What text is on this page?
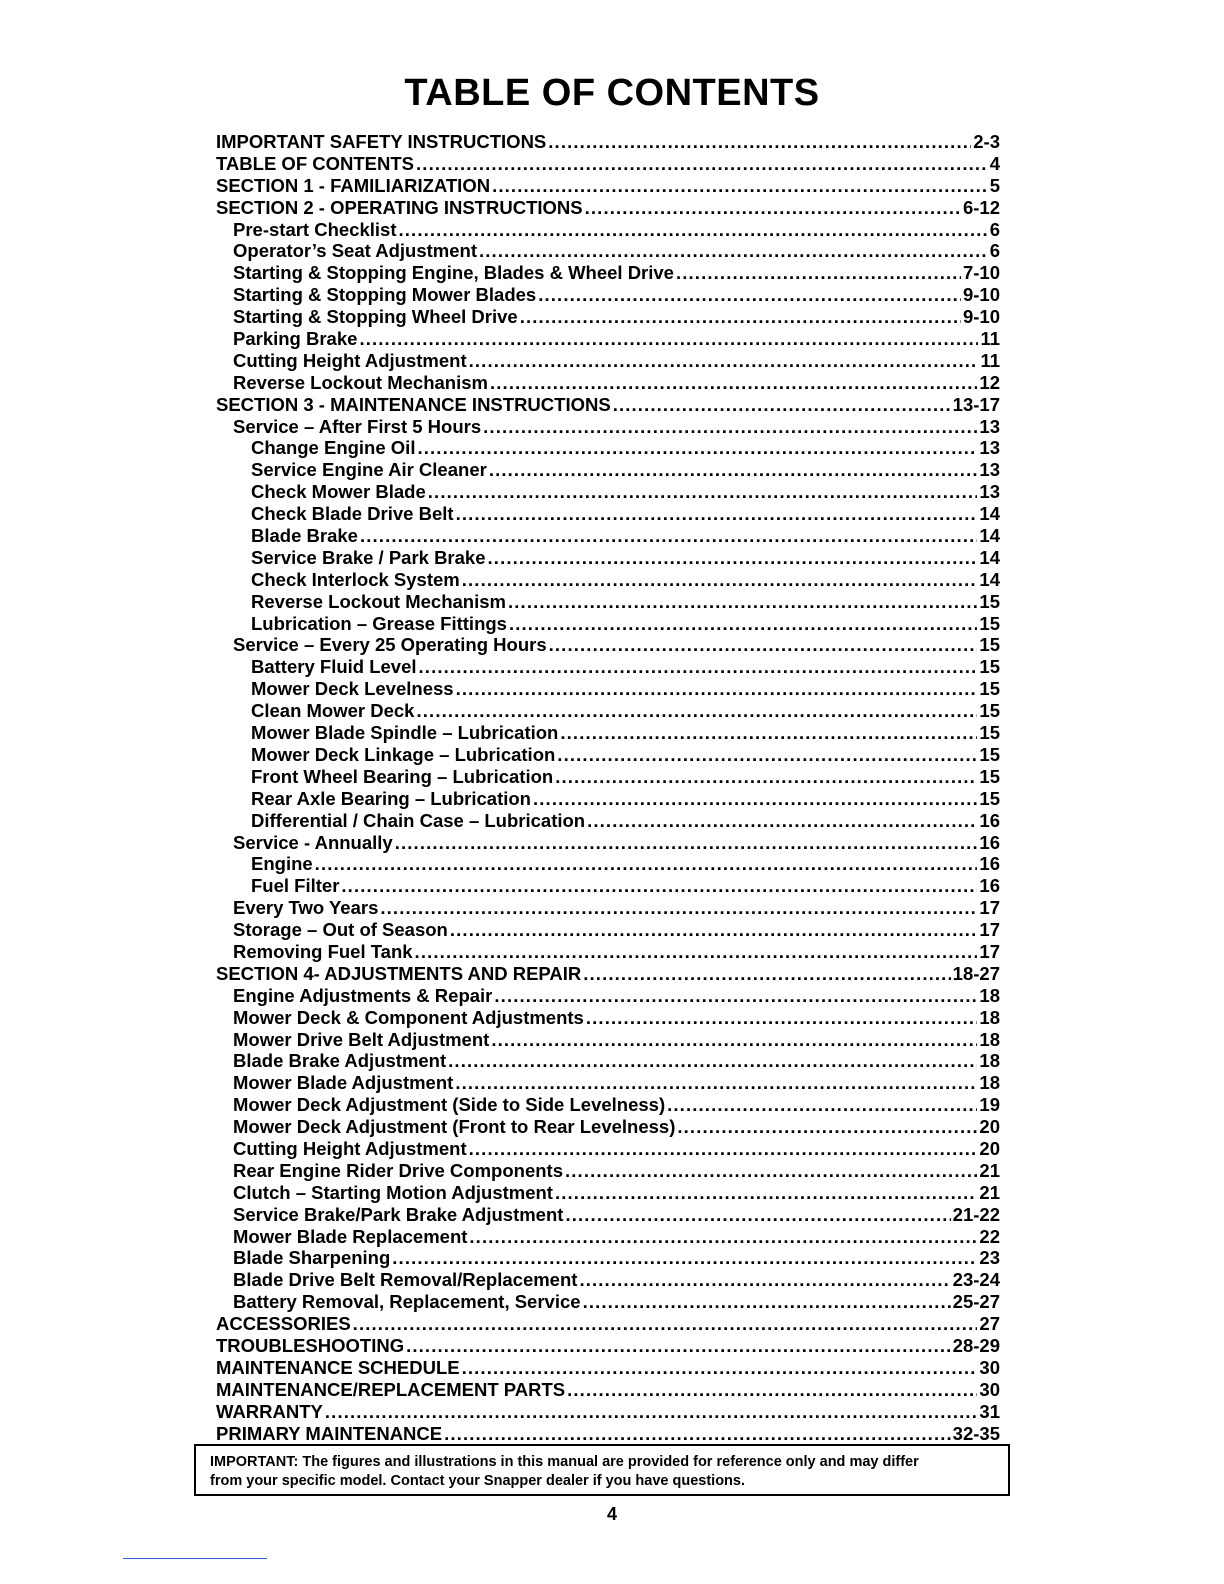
TABLE OF CONTENTS
IMPORTANT SAFETY INSTRUCTIONS . . .	2-3
TABLE OF CONTENTS . . .	4
SECTION 1 - FAMILIARIZATION . . .	5
SECTION 2 - OPERATING INSTRUCTIONS . . .	6-12
Pre-start Checklist . . .	6
Operator’s Seat Adjustment . . .	6
Starting & Stopping Engine, Blades & Wheel Drive . . .	7-10
Starting & Stopping Mower Blades . . .	9-10
Starting & Stopping Wheel Drive . . .	9-10
Parking Brake . . .	11
Cutting Height Adjustment . . .	11
Reverse Lockout Mechanism . . .	12
SECTION 3 - MAINTENANCE INSTRUCTIONS . . .	13-17
Service – After First 5 Hours . . .	13
Change Engine Oil . . .	13
Service Engine Air Cleaner . . .	13
Check Mower Blade . . .	13
Check Blade Drive Belt . . .	14
Blade Brake . . .	14
Service Brake / Park Brake . . .	14
Check Interlock System . . .	14
Reverse Lockout Mechanism . . .	15
Lubrication – Grease Fittings . . .	15
Service – Every 25 Operating Hours . . .	15
Battery Fluid Level . . .	15
Mower Deck Levelness . . .	15
Clean Mower Deck . . .	15
Mower Blade Spindle – Lubrication . . .	15
Mower Deck Linkage – Lubrication . . .	15
Front Wheel Bearing – Lubrication . . .	15
Rear Axle Bearing – Lubrication . . .	15
Differential / Chain Case – Lubrication . . .	16
Service - Annually . . .	16
Engine . . .	16
Fuel Filter . . .	16
Every Two Years . . .	17
Storage – Out of Season . . .	17
Removing Fuel Tank . . .	17
SECTION 4- ADJUSTMENTS AND REPAIR . . .	18-27
Engine Adjustments & Repair . . .	18
Mower Deck & Component Adjustments . . .	18
Mower Drive Belt Adjustment . . .	18
Blade Brake Adjustment . . .	18
Mower Blade Adjustment . . .	18
Mower Deck Adjustment (Side to Side Levelness) . . .	19
Mower Deck Adjustment (Front to Rear Levelness) . . .	20
Cutting Height Adjustment . . .	20
Rear Engine Rider Drive Components . . .	21
Clutch – Starting Motion Adjustment . . .	21
Service Brake/Park Brake Adjustment . . .	21-22
Mower Blade Replacement . . .	22
Blade Sharpening . . .	23
Blade Drive Belt Removal/Replacement . . .	23-24
Battery Removal, Replacement, Service . . .	25-27
ACCESSORIES . . .	27
TROUBLESHOOTING . . .	28-29
MAINTENANCE SCHEDULE . . .	30
MAINTENANCE/REPLACEMENT PARTS . . .	30
WARRANTY . . .	31
PRIMARY MAINTENANCE . . .	32-35
IMPORTANT: The figures and illustrations in this manual are provided for reference only and may differ
from your specific model. Contact your Snapper dealer if you have questions.
4
